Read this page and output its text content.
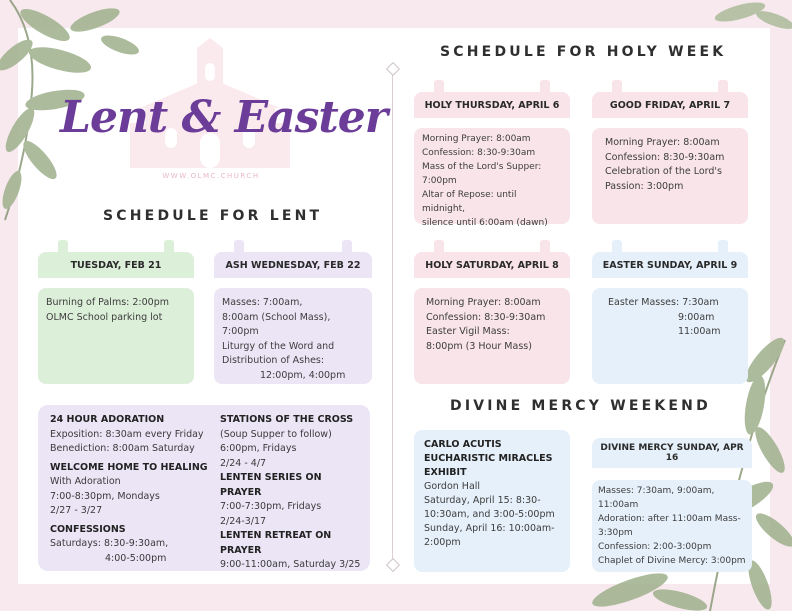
WWW.OLMC.CHURCH
Lent & Easter
SCHEDULE FOR LENT
TUESDAY, FEB 21
Burning of Palms: 2:00pm
OLMC School parking lot
ASH WEDNESDAY, FEB 22
Masses: 7:00am,
8:00am (School Mass), 7:00pm
Liturgy of the Word and
Distribution of Ashes:
12:00pm, 4:00pm
24 HOUR ADORATION
Exposition: 8:30am every Friday
Benediction: 8:00am Saturday
WELCOME HOME TO HEALING
With Adoration
7:00-8:30pm, Mondays
2/27 - 3/27
CONFESSIONS
Saturdays: 8:30-9:30am,
4:00-5:00pm
STATIONS OF THE CROSS
(Soup Supper to follow)
6:00pm, Fridays
2/24 - 4/7
LENTEN SERIES ON PRAYER
7:00-7:30pm, Fridays
2/24-3/17
LENTEN RETREAT ON
PRAYER
9:00-11:00am, Saturday 3/25
SCHEDULE FOR HOLY WEEK
HOLY THURSDAY, APRIL 6
Morning Prayer: 8:00am
Confession: 8:30-9:30am
Mass of the Lord's Supper:
7:00pm
Altar of Repose: until midnight,
silence until 6:00am (dawn)
GOOD FRIDAY, APRIL 7
Morning Prayer: 8:00am
Confession: 8:30-9:30am
Celebration of the Lord's
Passion: 3:00pm
HOLY SATURDAY, APRIL 8
Morning Prayer: 8:00am
Confession: 8:30-9:30am
Easter Vigil Mass:
8:00pm (3 Hour Mass)
EASTER SUNDAY, APRIL 9
Easter Masses: 7:30am
9:00am
11:00am
DIVINE MERCY WEEKEND
CARLO ACUTIS
EUCHARISTIC MIRACLES
EXHIBIT
Gordon Hall
Saturday, April 15: 8:30-
10:30am, and 3:00-5:00pm
Sunday, April 16: 10:00am-
2:00pm
DIVINE MERCY SUNDAY, APR 16
Masses: 7:30am, 9:00am, 11:00am
Adoration: after 11:00am Mass-
3:30pm
Confession: 2:00-3:00pm
Chaplet of Divine Mercy: 3:00pm
